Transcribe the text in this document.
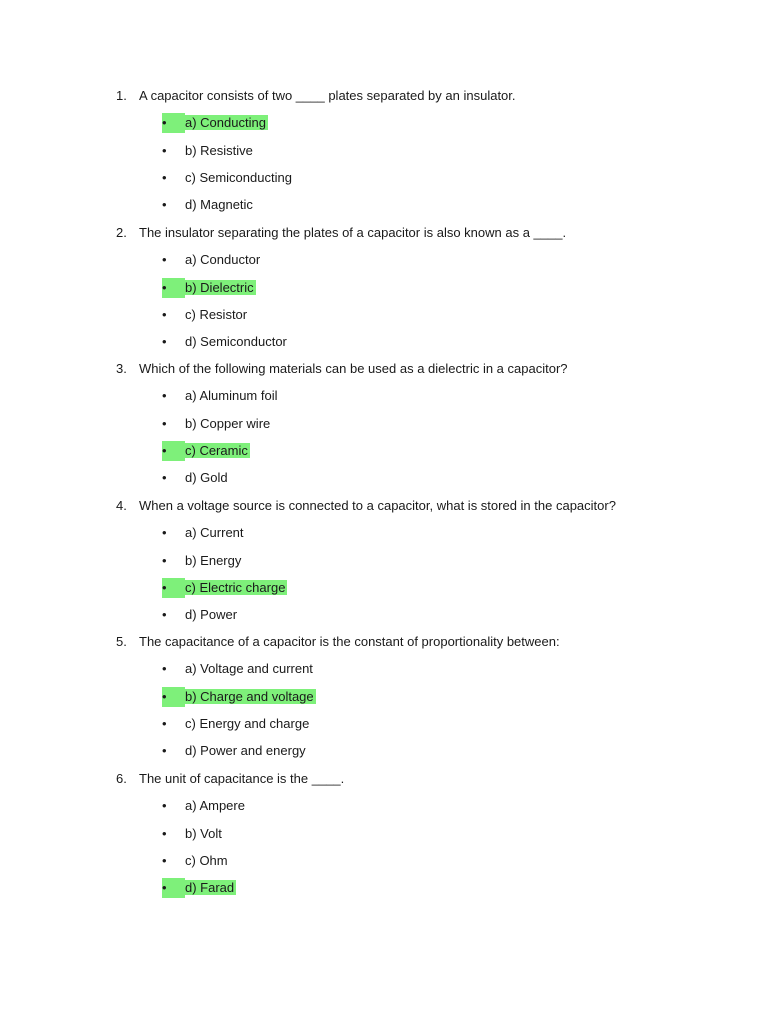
1. A capacitor consists of two ____ plates separated by an insulator.
• a) Conducting
• b) Resistive
• c) Semiconducting
• d) Magnetic
2. The insulator separating the plates of a capacitor is also known as a ____.
• a) Conductor
• b) Dielectric
• c) Resistor
• d) Semiconductor
3. Which of the following materials can be used as a dielectric in a capacitor?
• a) Aluminum foil
• b) Copper wire
• c) Ceramic
• d) Gold
4. When a voltage source is connected to a capacitor, what is stored in the capacitor?
• a) Current
• b) Energy
• c) Electric charge
• d) Power
5. The capacitance of a capacitor is the constant of proportionality between:
• a) Voltage and current
• b) Charge and voltage
• c) Energy and charge
• d) Power and energy
6. The unit of capacitance is the ____.
• a) Ampere
• b) Volt
• c) Ohm
• d) Farad
